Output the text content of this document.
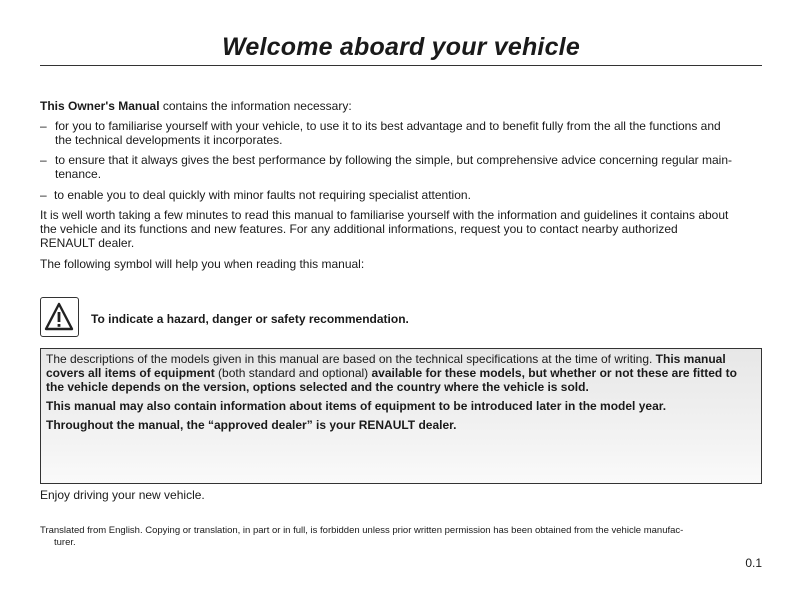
Welcome aboard your vehicle
This Owner's Manual contains the information necessary:
– for you to familiarise yourself with your vehicle, to use it to its best advantage and to benefit fully from the all the functions and
the technical developments it incorporates.
– to ensure that it always gives the best performance by following the simple, but comprehensive advice concerning regular main-
tenance.
– to enable you to deal quickly with minor faults not requiring specialist attention.
It is well worth taking a few minutes to read this manual to familiarise yourself with the information and guidelines it contains about
the vehicle and its functions and new features. For any additional informations, request you to contact nearby authorized
RENAULT dealer.
The following symbol will help you when reading this manual:
To indicate a hazard, danger or safety recommendation.

The descriptions of the models given in this manual are based on the technical specifications at the time of writing. This manual covers all items of equipment (both standard and optional) available for these models, but whether or not these are fitted to the vehicle depends on the version, options selected and the country where the vehicle is sold.

This manual may also contain information about items of equipment to be introduced later in the model year.

Throughout the manual, the “approved dealer” is your RENAULT dealer.

Enjoy driving your new vehicle.
Translated from English. Copying or translation, in part or in full, is forbidden unless prior written permission has been obtained from the vehicle manufac-
turer.
0.1
